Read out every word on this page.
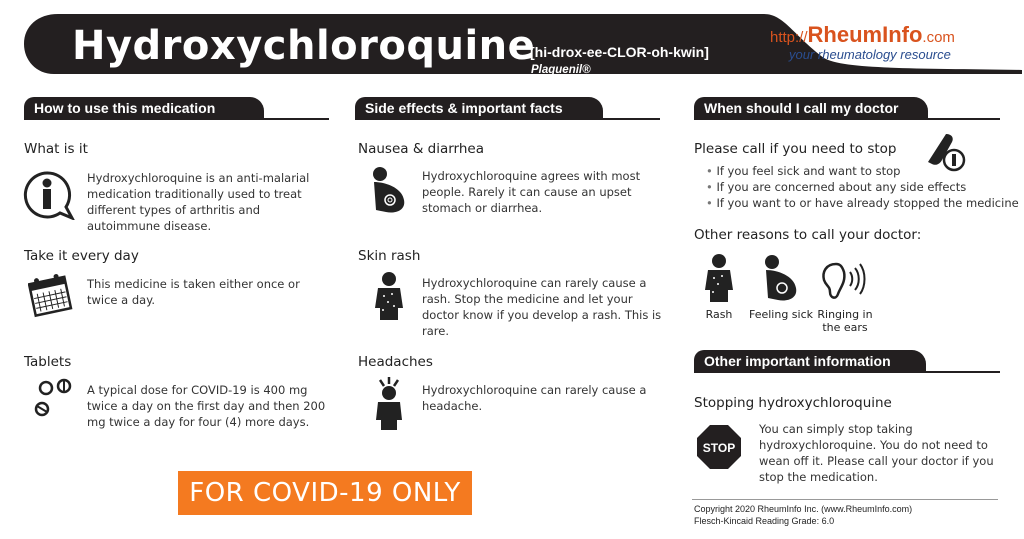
Hydroxychloroquine
[hi-drox-ee-CLOR-oh-kwin]
Plaquenil®
http://RheumInfo.com
your rheumatology resource
How to use this medication
What is it
Hydroxychloroquine is an anti-malarial medication traditionally used to treat different types of arthritis and autoimmune disease.
Take it every day
This medicine is taken either once or twice a day.
Tablets
A typical dose for COVID-19 is 400 mg twice a day on the first day and then 200 mg twice a day for four (4) more days.
FOR COVID-19 ONLY
Side effects & important facts
Nausea & diarrhea
Hydroxychloroquine agrees with most people. Rarely it can cause an upset stomach or diarrhea.
Skin rash
Hydroxychloroquine can rarely cause a rash. Stop the medicine and let your doctor know if you develop a rash. This is rare.
Headaches
Hydroxychloroquine can rarely cause a headache.
When should I call my doctor
Please call if you need to stop
• If you feel sick and want to stop
• If you are concerned about any side effects
• If you want to or have already stopped the medicine
Other reasons to call your doctor:
Rash	Feeling sick Ringing in the ears
Other important information
Stopping hydroxychloroquine
STOP
You can simply stop taking hydroxychloroquine. You do not need to wean off it. Please call your doctor if you stop the medication.
Copyright 2020 RheumInfo Inc. (www.RheumInfo.com)
Flesch-Kincaid Reading Grade: 6.0
